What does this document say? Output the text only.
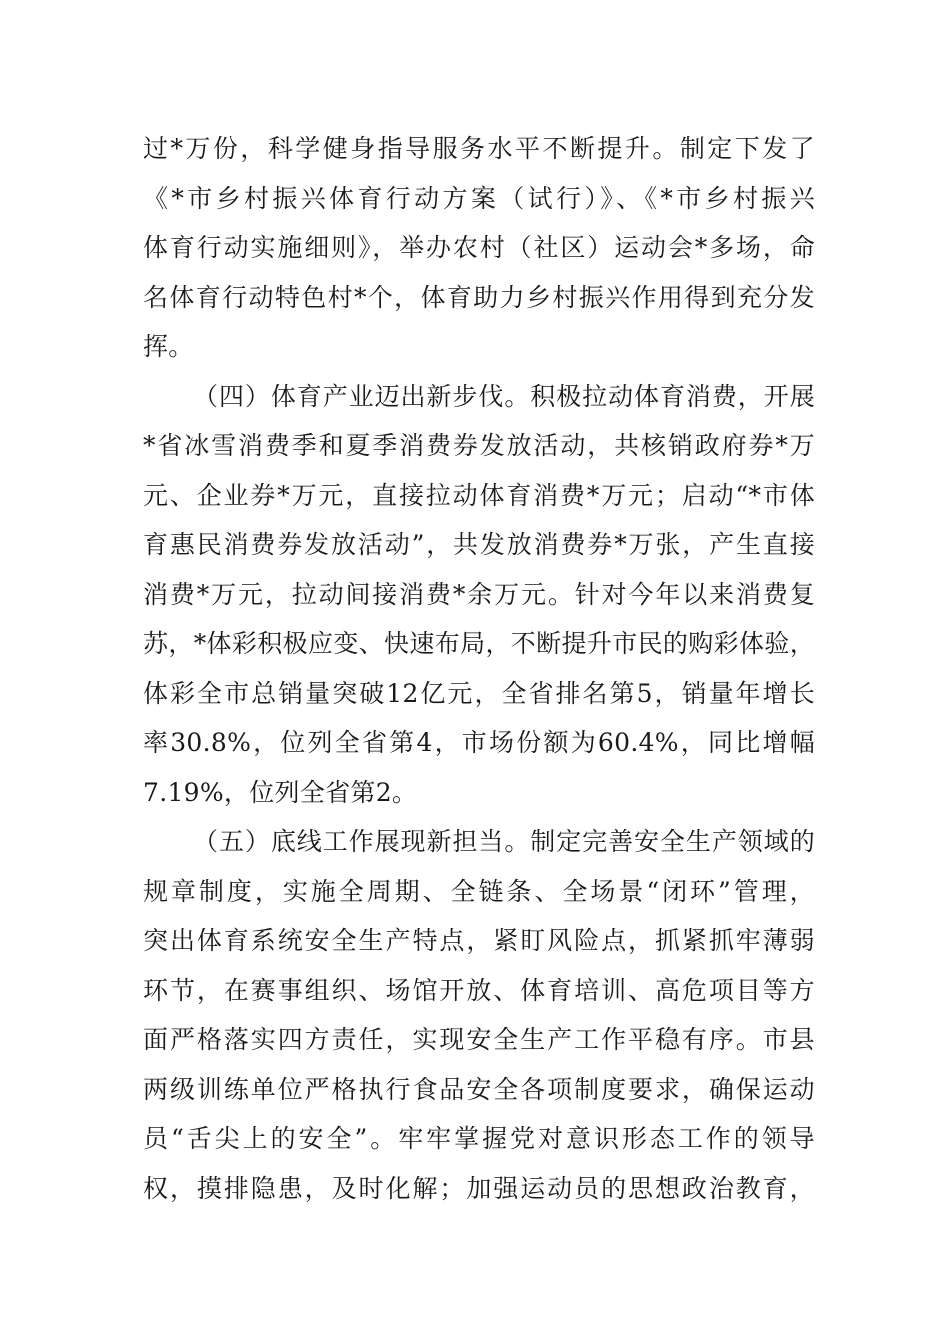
过*万份，科学健身指导服务水平不断提升。制定下发了
《*市乡村振兴体育行动方案（试行）》、《*市乡村振兴
体育行动实施细则》，举办农村（社区）运动会*多场，命
名体育行动特色村*个，体育助力乡村振兴作用得到充分发
挥。
（四）体育产业迈出新步伐。积极拉动体育消费，开展
*省冰雪消费季和夏季消费券发放活动，共核销政府券*万
元、企业券*万元，直接拉动体育消费*万元；启动“*市体
育惠民消费券发放活动”，共发放消费券*万张，产生直接
消费*万元，拉动间接消费*余万元。针对今年以来消费复
苏，*体彩积极应变、快速布局，不断提升市民的购彩体验，
体彩全市总销量突破12亿元，全省排名第5，销量年增长
率30.8%，位列全省第4，市场份额为60.4%，同比增幅
7.19%，位列全省第2。
（五）底线工作展现新担当。制定完善安全生产领域的
规章制度，实施全周期、全链条、全场景“闭环”管理，
突出体育系统安全生产特点，紧盯风险点，抓紧抓牢薄弱
环节，在赛事组织、场馆开放、体育培训、高危项目等方
面严格落实四方责任，实现安全生产工作平稳有序。市县
两级训练单位严格执行食品安全各项制度要求，确保运动
员“舌尖上的安全”。牢牢掌握党对意识形态工作的领导
权，摸排隐患，及时化解；加强运动员的思想政治教育，
